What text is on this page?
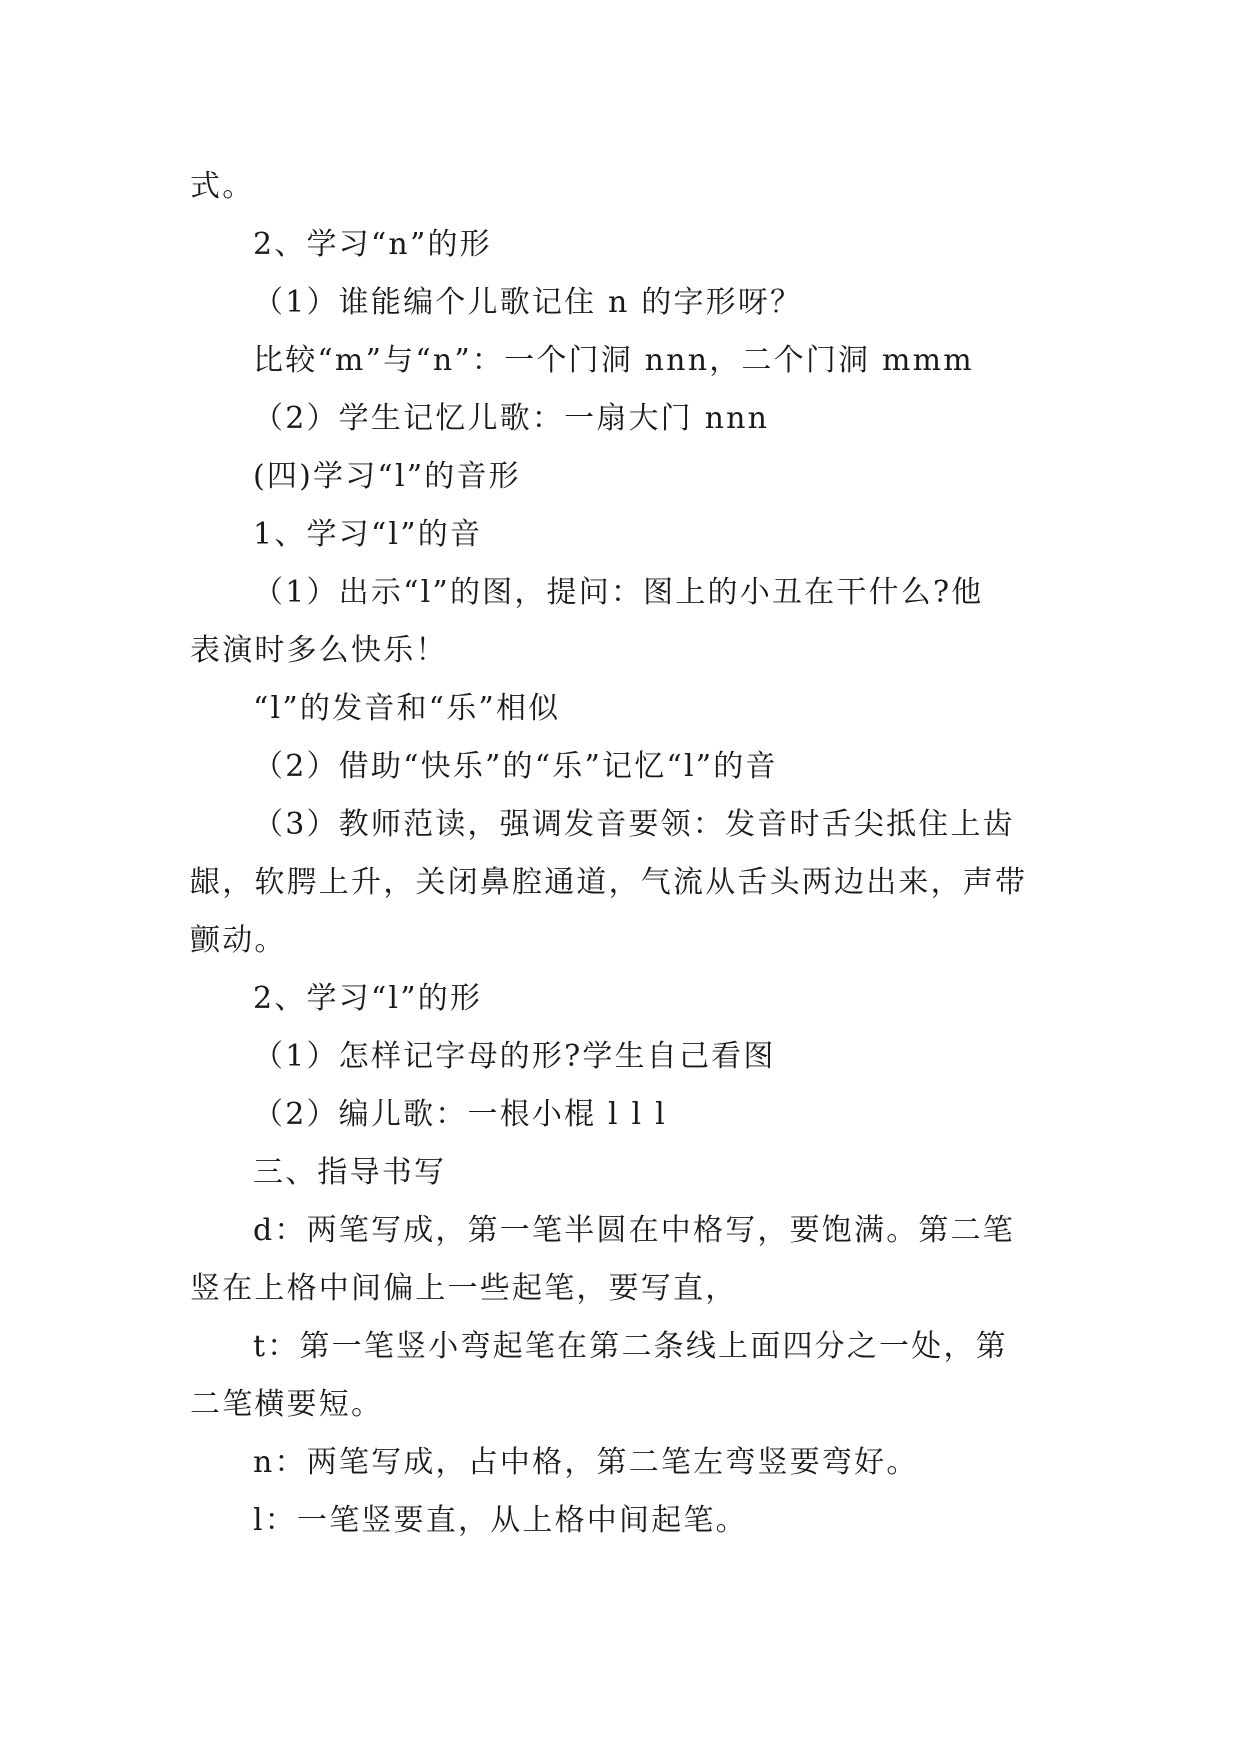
式。
2、学习“n”的形
（1）谁能编个儿歌记住 n 的字形呀？
比较“m”与“n”：一个门洞 nnn，二个门洞 mmm
（2）学生记忆儿歌：一扇大门 nnn
(四)学习“l”的音形
1、学习“l”的音
（1）出示“l”的图，提问：图上的小丑在干什么?他
表演时多么快乐！
“l”的发音和“乐”相似
（2）借助“快乐”的“乐”记忆“l”的音
（3）教师范读，强调发音要领：发音时舌尖抵住上齿
龈，软腭上升，关闭鼻腔通道，气流从舌头两边出来，声带
颤动。
2、学习“l”的形
（1）怎样记字母的形?学生自己看图
（2）编儿歌：一根小棍 l l l
三、指导书写
d：两笔写成，第一笔半圆在中格写，要饱满。第二笔
竖在上格中间偏上一些起笔，要写直，
t：第一笔竖小弯起笔在第二条线上面四分之一处，第
二笔横要短。
n：两笔写成，占中格，第二笔左弯竖要弯好。
l：一笔竖要直，从上格中间起笔。
